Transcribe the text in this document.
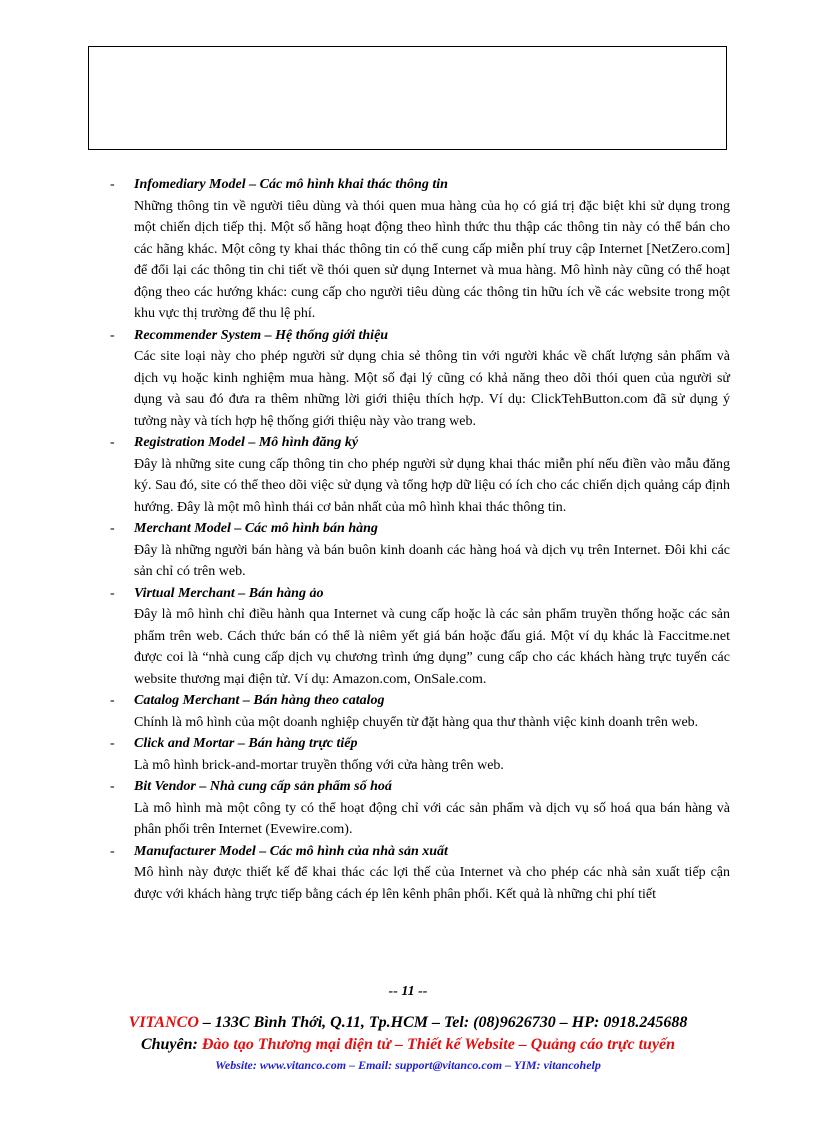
- Infomediary Model – Các mô hình khai thác thông tin
Những thông tin về người tiêu dùng và thói quen mua hàng của họ có giá trị đặc biệt khi sử dụng trong một chiến dịch tiếp thị. Một số hãng hoạt động theo hình thức thu thập các thông tin này có thể bán cho các hãng khác. Một công ty khai thác thông tin có thể cung cấp miễn phí truy cập Internet [NetZero.com] để đổi lại các thông tin chi tiết về thói quen sử dụng Internet và mua hàng. Mô hình này cũng có thể hoạt động theo các hướng khác: cung cấp cho người tiêu dùng các thông tin hữu ích về các website trong một khu vực thị trường để thu lệ phí.
- Recommender System – Hệ thống giới thiệu
Các site loại này cho phép người sử dụng chia sẻ thông tin với người khác về chất lượng sản phẩm và dịch vụ hoặc kinh nghiệm mua hàng. Một số đại lý cũng có khả năng theo dõi thói quen của người sử dụng và sau đó đưa ra thêm những lời giới thiệu thích hợp. Ví dụ: ClickTehButton.com đã sử dụng ý tưởng này và tích hợp hệ thống giới thiệu này vào trang web.
- Registration Model – Mô hình đăng ký
Đây là những site cung cấp thông tin cho phép người sử dụng khai thác miễn phí nếu điền vào mẫu đăng ký. Sau đó, site có thể theo dõi việc sử dụng và tổng hợp dữ liệu có ích cho các chiến dịch quảng cáp định hướng. Đây là một mô hình thái cơ bản nhất của mô hình khai thác thông tin.
- Merchant Model – Các mô hình bán hàng
Đây là những người bán hàng và bán buôn kinh doanh các hàng hoá và dịch vụ trên Internet. Đôi khi các sản chỉ có trên web.
- Virtual Merchant – Bán hàng ảo
Đây là mô hình chỉ điều hành qua Internet và cung cấp hoặc là các sản phẩm truyền thống hoặc các sản phẩm trên web. Cách thức bán có thể là niêm yết giá bán hoặc đấu giá. Một ví dụ khác là Faccitme.net được coi là “nhà cung cấp dịch vụ chương trình ứng dụng” cung cấp cho các khách hàng trực tuyến các website thương mại điện tử. Ví dụ: Amazon.com, OnSale.com.
- Catalog Merchant – Bán hàng theo catalog
Chính là mô hình của một doanh nghiệp chuyển từ đặt hàng qua thư thành việc kinh doanh trên web.
- Click and Mortar – Bán hàng trực tiếp
Là mô hình brick-and-mortar truyền thống với cửa hàng trên web.
- Bit Vendor – Nhà cung cấp sản phẩm số hoá
Là mô hình mà một công ty có thể hoạt động chỉ với các sản phẩm và dịch vụ số hoá qua bán hàng và phân phối trên Internet (Evewire.com).
- Manufacturer Model – Các mô hình của nhà sản xuất
Mô hình này được thiết kế để khai thác các lợi thế của Internet và cho phép các nhà sản xuất tiếp cận được với khách hàng trực tiếp bằng cách ép lên kênh phân phối. Kết quả là những chi phí tiết
-- 11 --
VITANCO – 133C Bình Thới, Q.11, Tp.HCM – Tel: (08)9626730 – HP: 0918.245688
Chuyên: Đào tạo Thương mại điện tử – Thiết kế Website – Quảng cáo trực tuyến
Website: www.vitanco.com – Email: support@vitanco.com – YIM: vitancohelp
